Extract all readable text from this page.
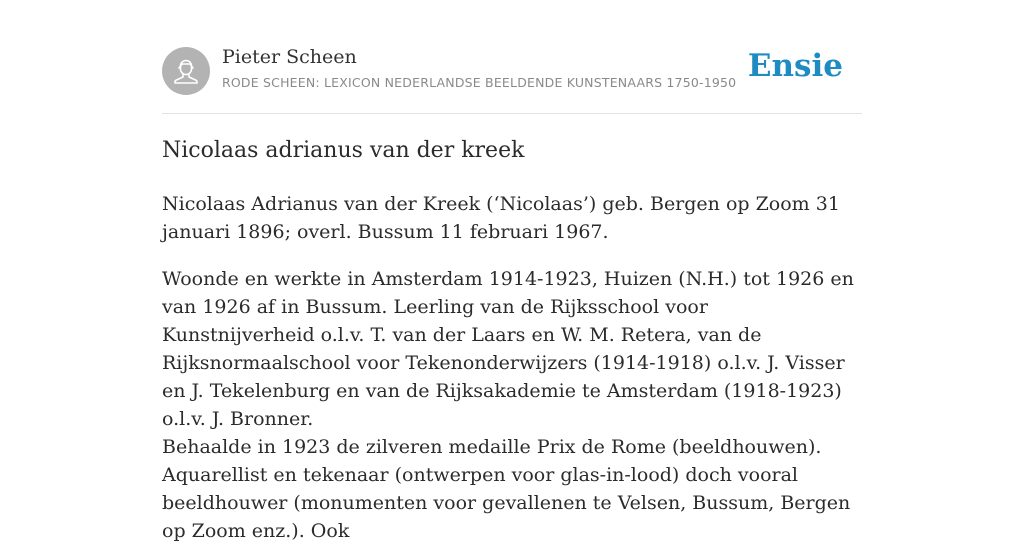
Pieter Scheen
RODE SCHEEN: LEXICON NEDERLANDSE BEELDENDE KUNSTENAARS 1750-1950 Ensie
Nicolaas adrianus van der kreek

Nicolaas Adrianus van der Kreek (‘Nicolaas’) geb. Bergen op Zoom 31 januari 1896; overl. Bussum 11 februari 1967.

Woonde en werkte in Amsterdam 1914-1923, Huizen (N.H.) tot 1926 en van 1926 af in Bussum. Leerling van de Rijksschool voor Kunstnijverheid o.l.v. T. van der Laars en W. M. Retera, van de Rijksnormaalschool voor Tekenonderwijzers (1914-1918) o.l.v. J. Visser en J. Tekelenburg en van de Rijksakademie te Amsterdam (1918-1923) o.l.v. J. Bronner.

Behaalde in 1923 de zilveren medaille Prix de Rome (beeldhouwen). Aquarellist en tekenaar (ontwerpen voor glas-in-lood) doch vooral beeldhouwer (monumenten voor gevallenen te Velsen, Bussum, Bergen op Zoom enz.). Ook
